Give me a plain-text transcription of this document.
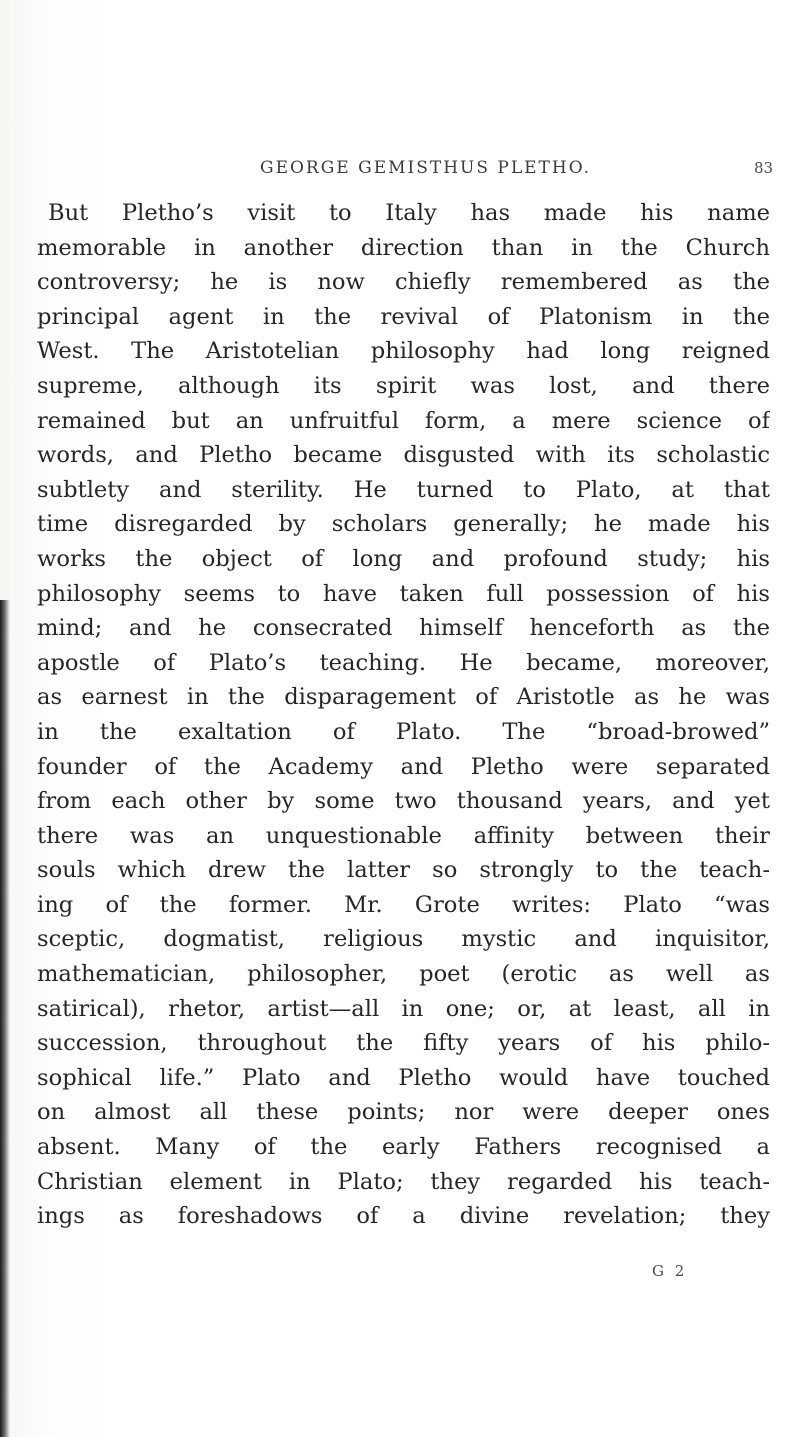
GEORGE GEMISTHUS PLETHO.	83
But Pletho’s visit to Italy has made his name
memorable in another direction than in the Church
controversy; he is now chiefly remembered as the
principal agent in the revival of Platonism in the
West. The Aristotelian philosophy had long reigned
supreme, although its spirit was lost, and there
remained but an unfruitful form, a mere science of
words, and Pletho became disgusted with its scholastic
subtlety and sterility. He turned to Plato, at that
time disregarded by scholars generally; he made his
works the object of long and profound study; his
philosophy seems to have taken full possession of his
mind; and he consecrated himself henceforth as the
apostle of Plato’s teaching. He became, moreover,
as earnest in the disparagement of Aristotle as he was
in the exaltation of Plato. The “broad-browed”
founder of the Academy and Pletho were separated
from each other by some two thousand years, and yet
there was an unquestionable affinity between their
souls which drew the latter so strongly to the teach-
ing of the former. Mr. Grote writes: Plato “was
sceptic, dogmatist, religious mystic and inquisitor,
mathematician, philosopher, poet (erotic as well as
satirical), rhetor, artist—all in one; or, at least, all in
succession, throughout the fifty years of his philo-
sophical life.” Plato and Pletho would have touched
on almost all these points; nor were deeper ones
absent. Many of the early Fathers recognised a
Christian element in Plato; they regarded his teach-
ings as foreshadows of a divine revelation; they
G 2
